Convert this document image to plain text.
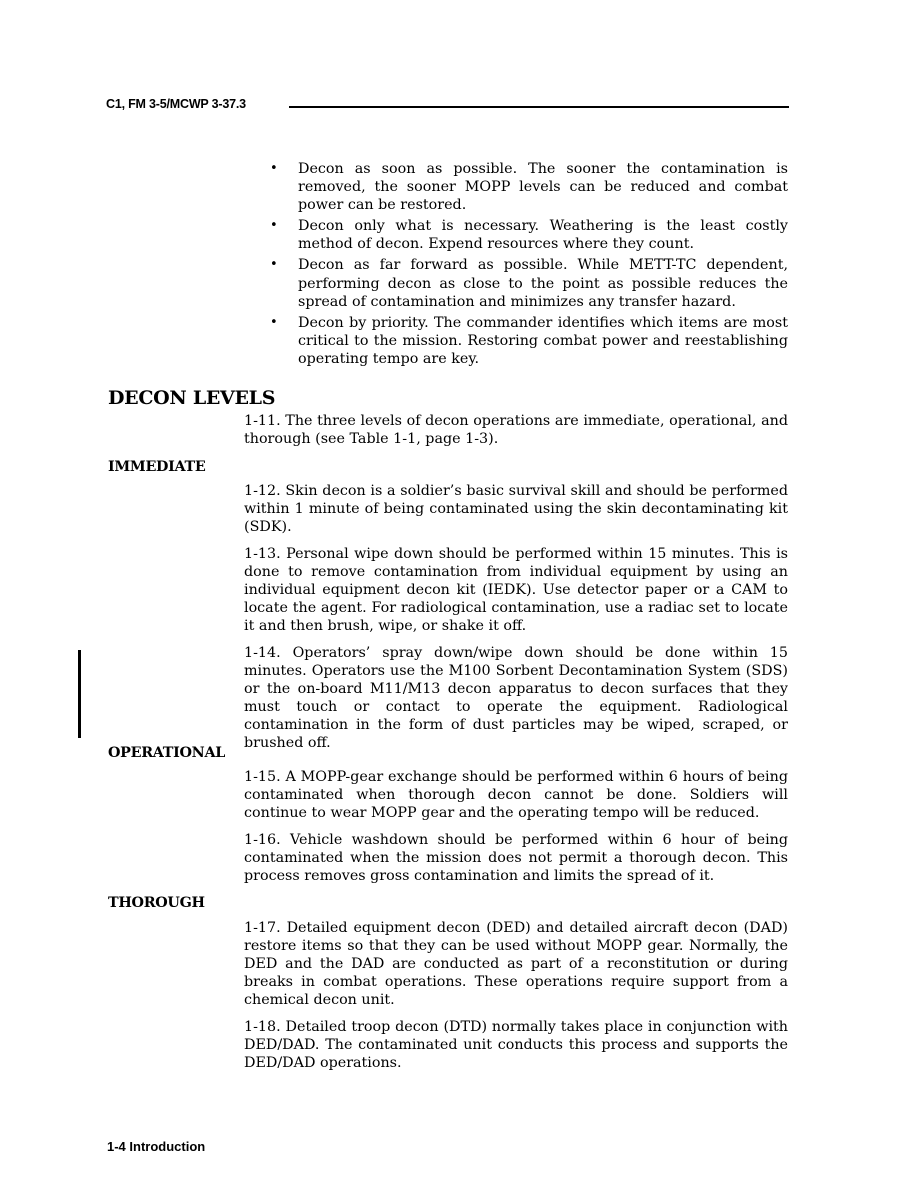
C1, FM 3-5/MCWP 3-37.3
• Decon as soon as possible. The sooner the contamination is removed, the sooner MOPP levels can be reduced and combat power can be restored.
• Decon only what is necessary. Weathering is the least costly method of decon. Expend resources where they count.
• Decon as far forward as possible. While METT-TC dependent, performing decon as close to the point as possible reduces the spread of contamination and minimizes any transfer hazard.
• Decon by priority. The commander identifies which items are most critical to the mission. Restoring combat power and reestablishing operating tempo are key.
DECON LEVELS

1-11. The three levels of decon operations are immediate, operational, and thorough (see Table 1-1, page 1-3).

IMMEDIATE

1-12. Skin decon is a soldier’s basic survival skill and should be performed within 1 minute of being contaminated using the skin decontaminating kit (SDK).

1-13. Personal wipe down should be performed within 15 minutes. This is done to remove contamination from individual equipment by using an individual equipment decon kit (IEDK). Use detector paper or a CAM to locate the agent. For radiological contamination, use a radiac set to locate it and then brush, wipe, or shake it off.

1-14. Operators’ spray down/wipe down should be done within 15 minutes. Operators use the M100 Sorbent Decontamination System (SDS) or the on-board M11/M13 decon apparatus to decon surfaces that they must touch or contact to operate the equipment. Radiological contamination in the form of dust particles may be wiped, scraped, or brushed off.

OPERATIONAL

1-15. A MOPP-gear exchange should be performed within 6 hours of being contaminated when thorough decon cannot be done. Soldiers will continue to wear MOPP gear and the operating tempo will be reduced.

1-16. Vehicle washdown should be performed within 6 hour of being contaminated when the mission does not permit a thorough decon. This process removes gross contamination and limits the spread of it.

THOROUGH

1-17. Detailed equipment decon (DED) and detailed aircraft decon (DAD) restore items so that they can be used without MOPP gear. Normally, the DED and the DAD are conducted as part of a reconstitution or during breaks in combat operations. These operations require support from a chemical decon unit.

1-18. Detailed troop decon (DTD) normally takes place in conjunction with DED/DAD. The contaminated unit conducts this process and supports the DED/DAD operations.

1-4 Introduction
